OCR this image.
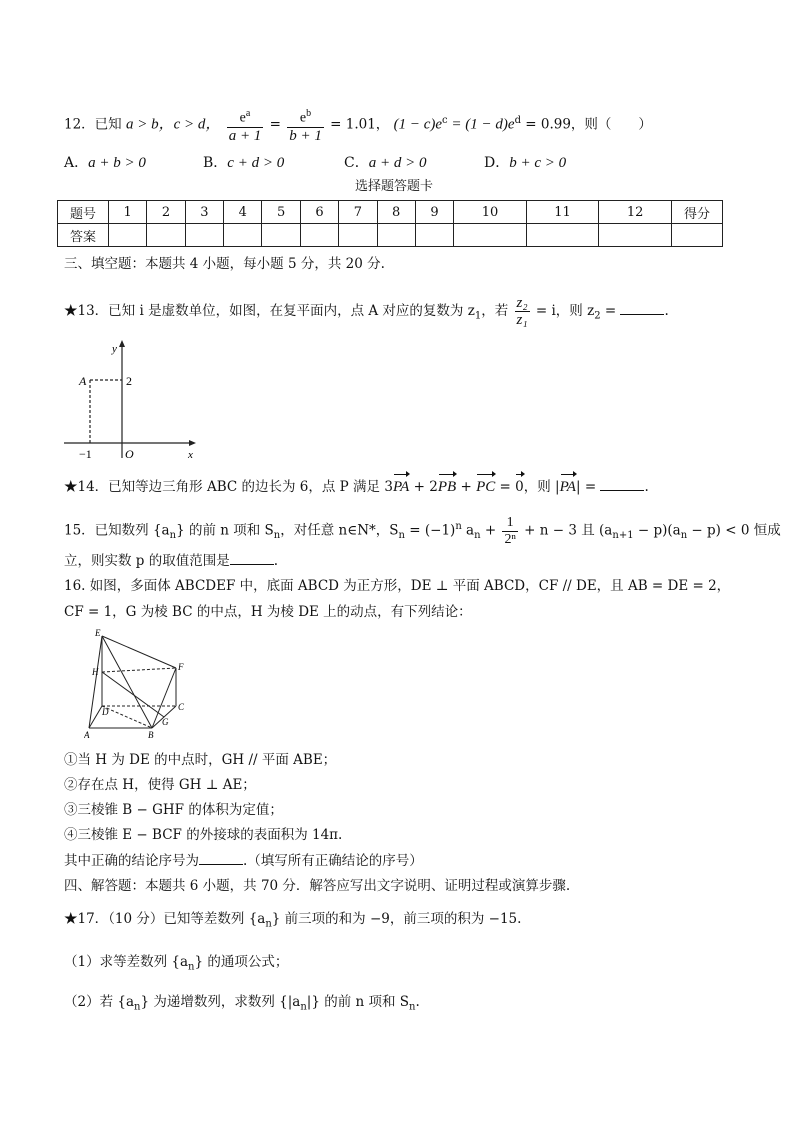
12．已知 a > b，c > d， $\frac{e^a}{a + 1} = \frac{e^b}{b + 1} = 1.01$， $(1 - c)e^c = (1 - d)e^d = 0.99$，则（　　）
A．a + b > 0	B．c + d > 0	C．a + d > 0	D．b + c > 0
选择题答题卡
题号	1	2	3	4	5	6	7	8	9	10	11	12	得分
答案													
三、填空题：本题共 4 小题，每小题 5 分，共 20 分.
★13．已知 i 是虚数单位，如图，在复平面内，点 A 对应的复数为 $z_1$，若 $\frac{\text{z₂}}{\text{z₁}} = i$，则 $z_2$ =	.
y
x
O
A	2
−1
★14．已知等边三角形 ABC 的边长为 6，点 P 满足 3PA + 2PB + PC = 0，则 |PA| =	.
15．已知数列 $\{a_n\}$ 的前 n 项和 $S_n$，对任意 n∈N*，$S_n = (-1)^n$ $a_n + \frac{1}{\text{2ⁿ}} + n - 3$ 且 $(a_{n+1} - p)(a_n - p) < 0$ 恒成
立，则实数 p 的取值范围是	.
16. 如图，多面体 ABCDEF 中，底面 ABCD 为正方形，DE ⊥ 平面 ABCD，CF // DE，且 AB = DE = 2，
CF = 1，G 为棱 BC 的中点，H 为棱 DE 上的动点，有下列结论：
E
H	F
D	C
G
A	B
①当 H 为 DE 的中点时，GH // 平面 ABE；
②存在点 H，使得 GH ⊥ AE；
③三棱锥 B − GHF 的体积为定值；
④三棱锥 E − BCF 的外接球的表面积为 14π.
其中正确的结论序号为	.（填写所有正确结论的序号）
四、解答题：本题共 6 小题，共 70 分．解答应写出文字说明、证明过程或演算步骤.
★17．（10 分）已知等差数列 $\{a_n\}$ 前三项的和为 −9，前三项的积为 −15.
（1）求等差数列 $\{a_n\}$ 的通项公式；
（2）若 $\{a_n\}$ 为递增数列，求数列 $\{|a_n|\}$ 的前 n 项和 $S_n$.
